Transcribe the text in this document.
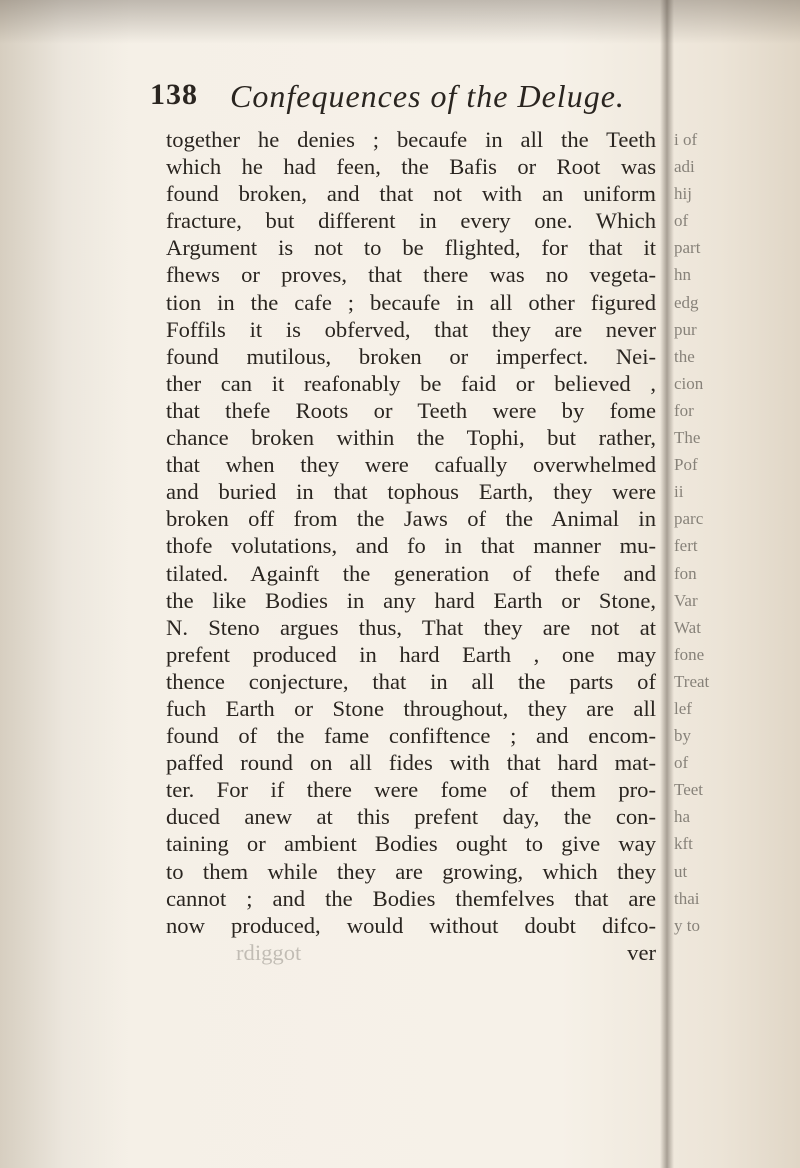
138 Confequences of the Deluge.
together he denies ; becaufe in all the Teeth
which he had feen, the Bafis or Root was
found broken, and that not with an uniform
fracture, but different in every one. Which
Argument is not to be flighted, for that it
fhews or proves, that there was no vegeta-
tion in the cafe ; becaufe in all other figured
Foffils it is obferved, that they are never
found mutilous, broken or imperfect. Nei-
ther can it reafonably be faid or believed ,
that thefe Roots or Teeth were by fome
chance broken within the Tophi, but rather,
that when they were cafually overwhelmed
and buried in that tophous Earth, they were
broken off from the Jaws of the Animal in
thofe volutations, and fo in that manner mu-
tilated. Againft the generation of thefe and
the like Bodies in any hard Earth or Stone,
N. Steno argues thus, That they are not at
prefent produced in hard Earth , one may
thence conjecture, that in all the parts of
fuch Earth or Stone throughout, they are all
found of the fame confiftence ; and encom-
paffed round on all fides with that hard mat-
ter. For if there were fome of them pro-
duced anew at this prefent day, the con-
taining or ambient Bodies ought to give way
to them while they are growing, which they
cannot ; and the Bodies themfelves that are
now produced, would without doubt difco-
rdiggot	ver
i of
adi
hij
of
part
hn
edg
pur
the
cion
for
The
Pof
ii
parc
fert
fon
Var
Wat
fone
Treat
lef
by
of
Teet
ha
kft
ut
thai
y to
